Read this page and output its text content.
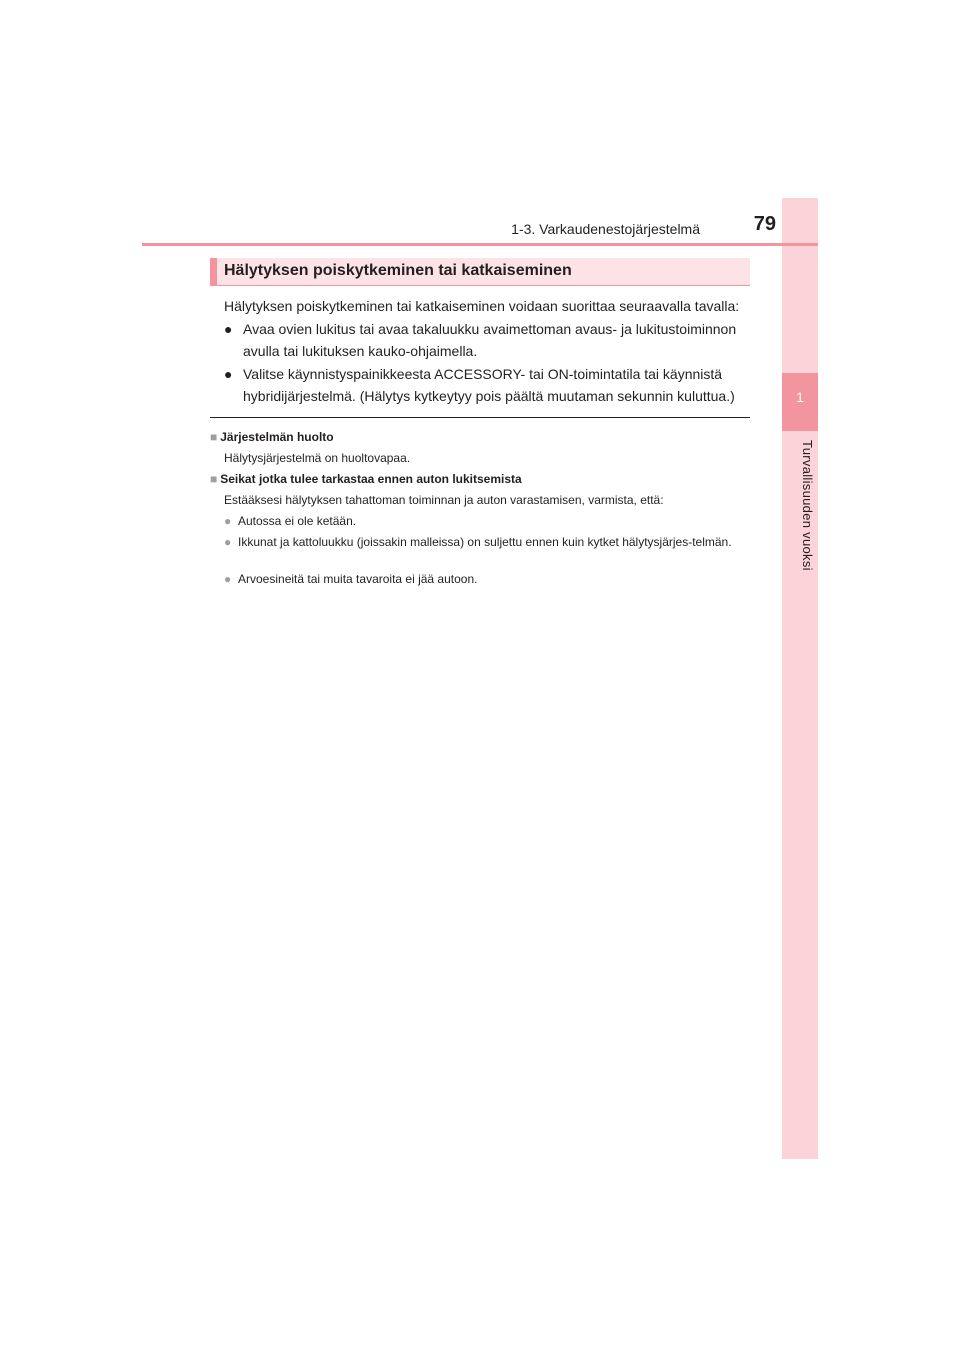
1
Turvallisuuden vuoksi
1-3. Varkaudenestojärjestelmä	79
Hälytyksen poiskytkeminen tai katkaiseminen
Hälytyksen poiskytkeminen tai katkaiseminen voidaan suorittaa seuraavalla tavalla:
● Avaa ovien lukitus tai avaa takaluukku avaimettoman avaus- ja lukitustoiminnon avulla tai lukituksen kauko-ohjaimella.
● Valitse käynnistyspainikkeesta ACCESSORY- tai ON-toimintatila tai käynnistä hybridijärjestelmä. (Hälytys kytkeytyy pois päältä muutaman sekunnin kuluttua.)
■ Järjestelmän huolto
Hälytysjärjestelmä on huoltovapaa.
■ Seikat jotka tulee tarkastaa ennen auton lukitsemista
Estääksesi hälytyksen tahattoman toiminnan ja auton varastamisen, varmista, että:
● Autossa ei ole ketään.
● Ikkunat ja kattoluukku (joissakin malleissa) on suljettu ennen kuin kytket hälytysjärjes-telmän.
● Arvoesineitä tai muita tavaroita ei jää autoon.
